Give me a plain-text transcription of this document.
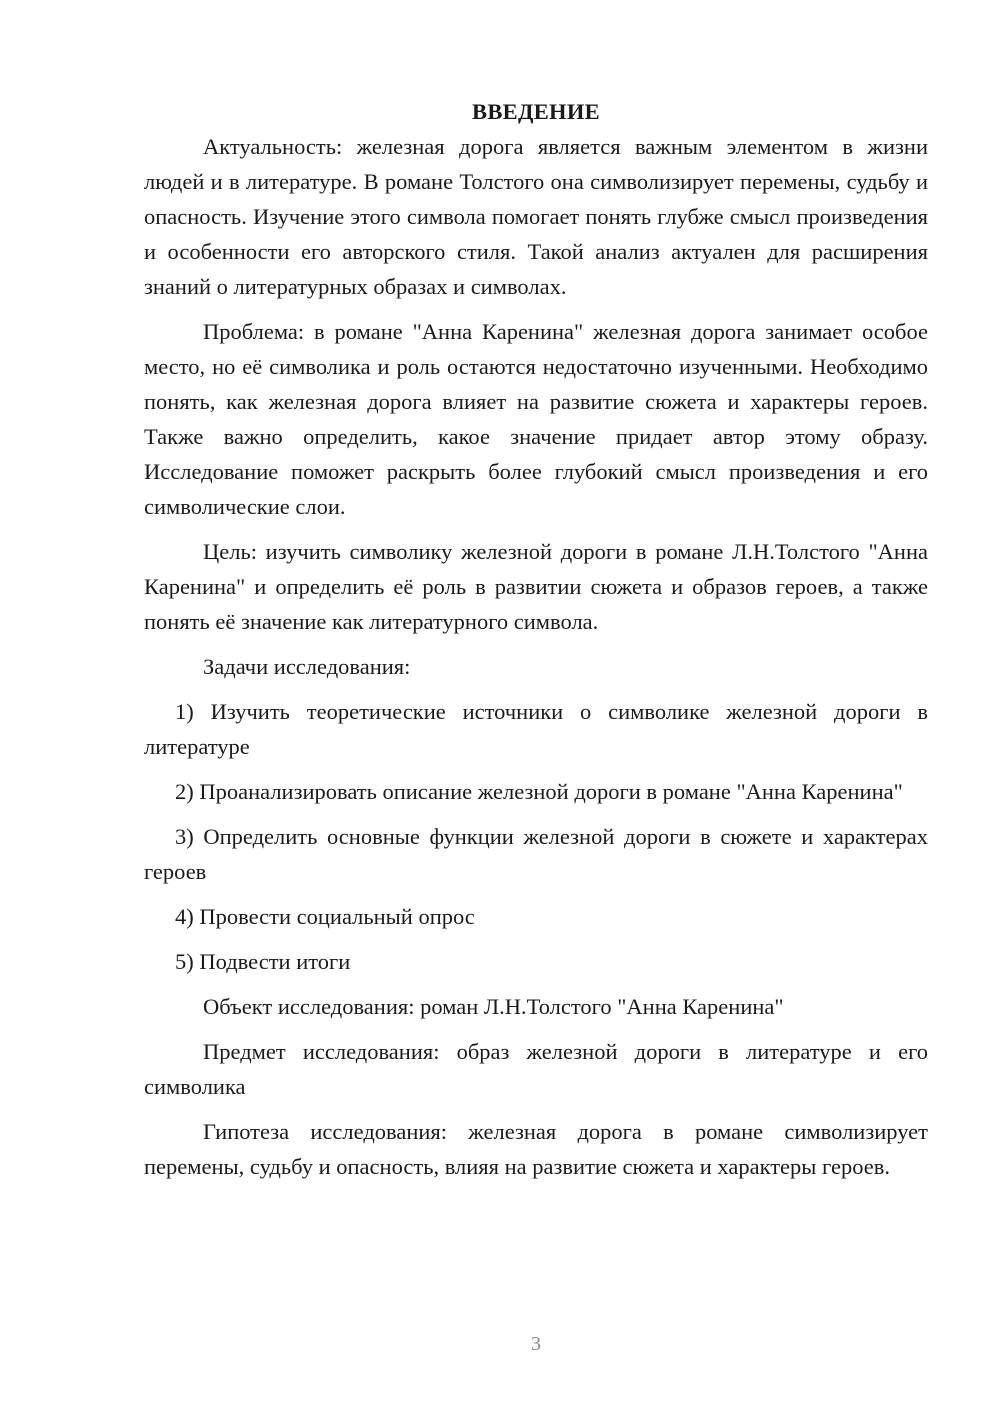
ВВЕДЕНИЕ

Актуальность: железная дорога является важным элементом в жизни людей и в литературе. В романе Толстого она символизирует перемены, судьбу и опасность. Изучение этого символа помогает понять глубже смысл произведения и особенности его авторского стиля. Такой анализ актуален для расширения знаний о литературных образах и символах.

Проблема: в романе "Анна Каренина" железная дорога занимает особое место, но её символика и роль остаются недостаточно изученными. Необходимо понять, как железная дорога влияет на развитие сюжета и характеры героев. Также важно определить, какое значение придает автор этому образу. Исследование поможет раскрыть более глубокий смысл произведения и его символические слои.

Цель: изучить символику железной дороги в романе Л.Н.Толстого "Анна Каренина" и определить её роль в развитии сюжета и образов героев, а также понять её значение как литературного символа.

Задачи исследования:

1) Изучить теоретические источники о символике железной дороги в литературе

2) Проанализировать описание железной дороги в романе "Анна Каренина"

3) Определить основные функции железной дороги в сюжете и характерах героев

4) Провести социальный опрос

5) Подвести итоги

Объект исследования: роман Л.Н.Толстого "Анна Каренина"

Предмет исследования: образ железной дороги в литературе и его символика

Гипотеза исследования: железная дорога в романе символизирует перемены, судьбу и опасность, влияя на развитие сюжета и характеры героев.

3
